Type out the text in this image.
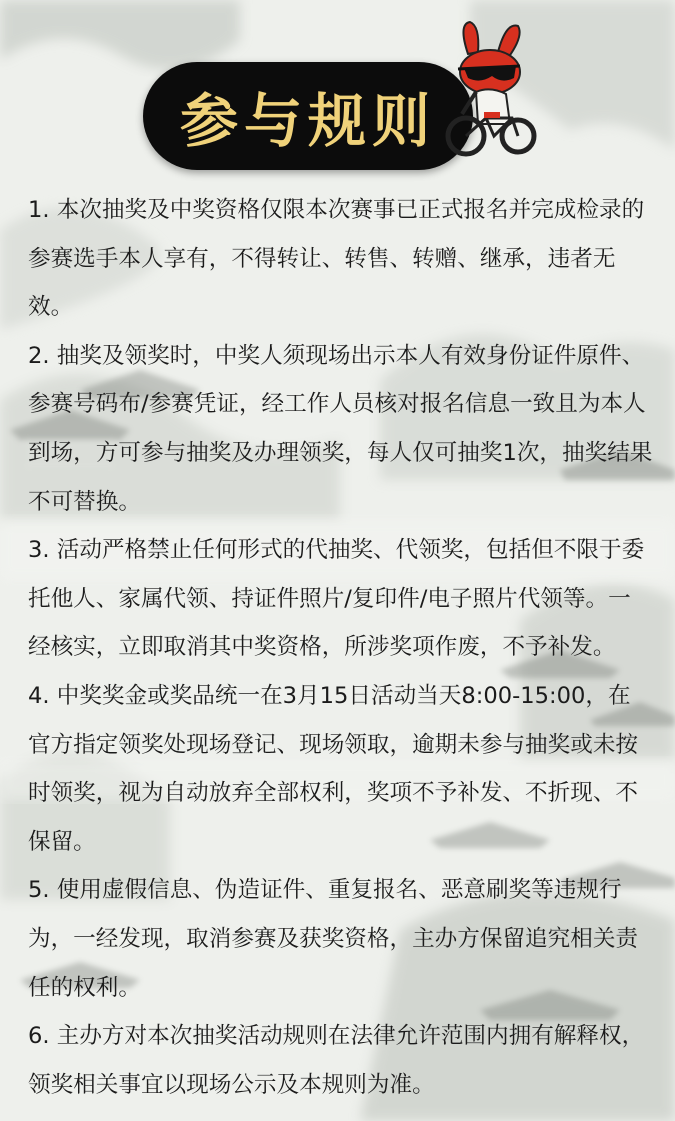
参与规则
1. 本次抽奖及中奖资格仅限本次赛事已正式报名并完成检录的参赛选手本人享有，不得转让、转售、转赠、继承，违者无效。
2. 抽奖及领奖时，中奖人须现场出示本人有效身份证件原件、参赛号码布/参赛凭证，经工作人员核对报名信息一致且为本人到场，方可参与抽奖及办理领奖，每人仅可抽奖1次，抽奖结果不可替换。
3. 活动严格禁止任何形式的代抽奖、代领奖，包括但不限于委托他人、家属代领、持证件照片/复印件/电子照片代领等。一经核实，立即取消其中奖资格，所涉奖项作废，不予补发。
4. 中奖奖金或奖品统一在3月15日活动当天8:00-15:00，在官方指定领奖处现场登记、现场领取，逾期未参与抽奖或未按时领奖，视为自动放弃全部权利，奖项不予补发、不折现、不保留。
5. 使用虚假信息、伪造证件、重复报名、恶意刷奖等违规行为，一经发现，取消参赛及获奖资格，主办方保留追究相关责任的权利。
6. 主办方对本次抽奖活动规则在法律允许范围内拥有解释权，领奖相关事宜以现场公示及本规则为准。
